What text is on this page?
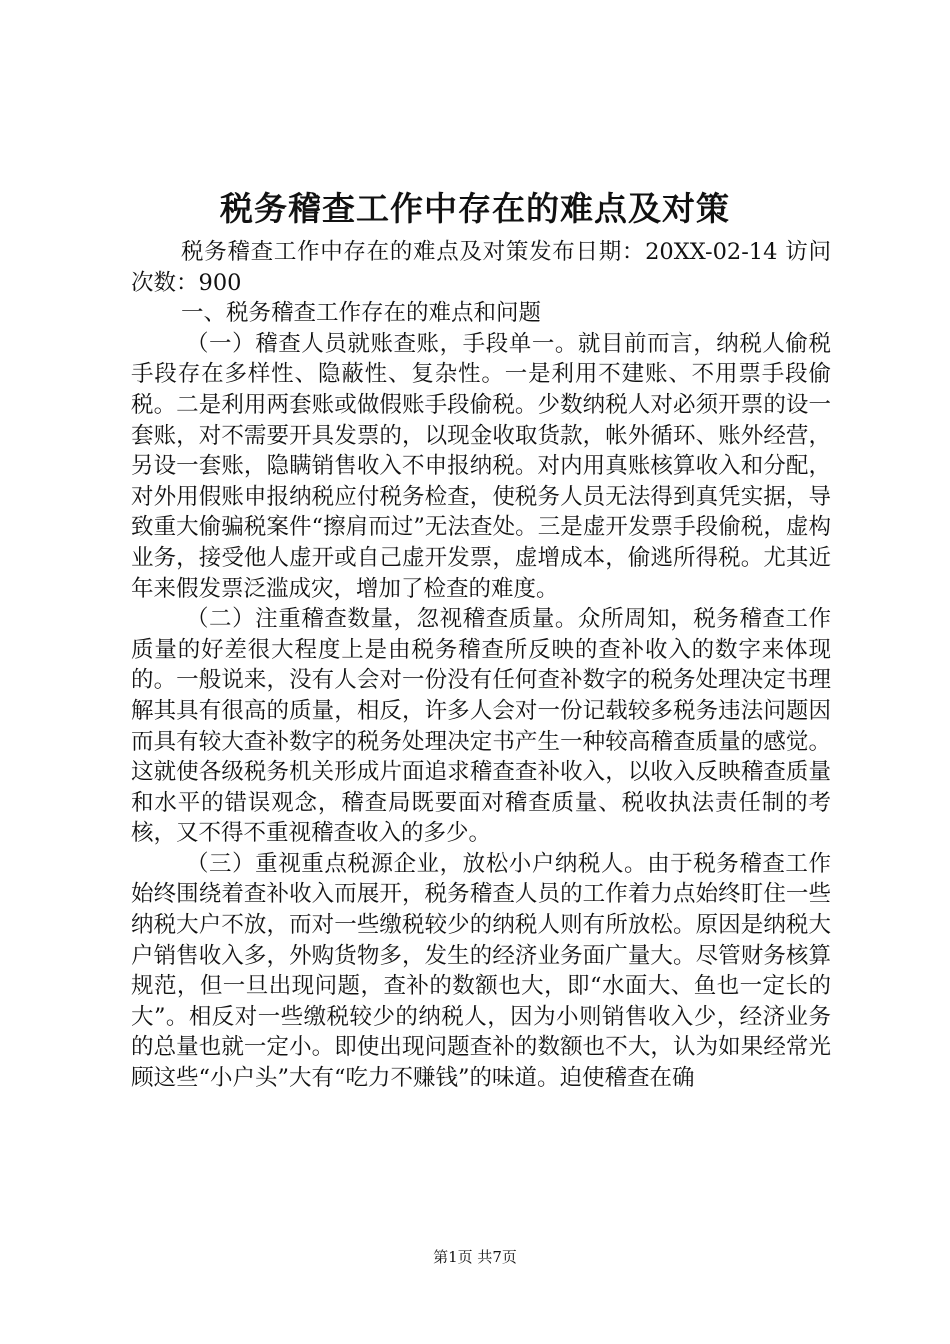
税务稽查工作中存在的难点及对策

税务稽查工作中存在的难点及对策发布日期：20XX-02-14 访问次数：900

一、税务稽查工作存在的难点和问题

（一）稽查人员就账查账，手段单一。就目前而言，纳税人偷税手段存在多样性、隐蔽性、复杂性。一是利用不建账、不用票手段偷税。二是利用两套账或做假账手段偷税。少数纳税人对必须开票的设一套账，对不需要开具发票的，以现金收取货款，帐外循环、账外经营，另设一套账，隐瞒销售收入不申报纳税。对内用真账核算收入和分配，对外用假账申报纳税应付税务检查，使税务人员无法得到真凭实据，导致重大偷骗税案件“擦肩而过”无法查处。三是虚开发票手段偷税，虚构业务，接受他人虚开或自己虚开发票，虚增成本，偷逃所得税。尤其近年来假发票泛滥成灾，增加了检查的难度。

（二）注重稽查数量，忽视稽查质量。众所周知，税务稽查工作质量的好差很大程度上是由税务稽查所反映的查补收入的数字来体现的。一般说来，没有人会对一份没有任何查补数字的税务处理决定书理解其具有很高的质量，相反，许多人会对一份记载较多税务违法问题因而具有较大查补数字的税务处理决定书产生一种较高稽查质量的感觉。这就使各级税务机关形成片面追求稽查查补收入，以收入反映稽查质量和水平的错误观念，稽查局既要面对稽查质量、税收执法责任制的考核，又不得不重视稽查收入的多少。

（三）重视重点税源企业，放松小户纳税人。由于税务稽查工作始终围绕着查补收入而展开，税务稽查人员的工作着力点始终盯住一些纳税大户不放，而对一些缴税较少的纳税人则有所放松。原因是纳税大户销售收入多，外购货物多，发生的经济业务面广量大。尽管财务核算规范，但一旦出现问题，查补的数额也大，即“水面大、鱼也一定长的大”。相反对一些缴税较少的纳税人，因为小则销售收入少，经济业务的总量也就一定小。即使出现问题查补的数额也不大，认为如果经常光顾这些“小户头”大有“吃力不赚钱”的味道。迫使稽查在确

第1页 共7页
